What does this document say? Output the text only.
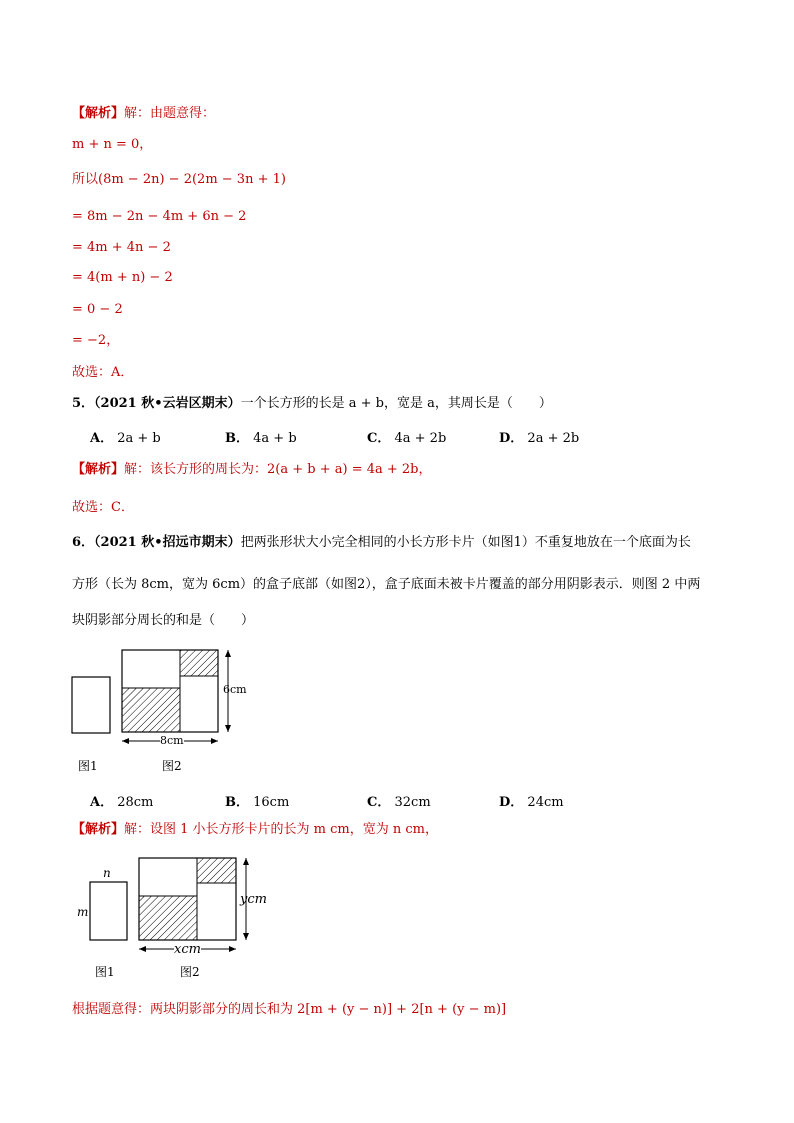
【解析】解：由题意得：
m + n = 0，
所以(8m − 2n) − 2(2m − 3n + 1)
= 8m − 2n − 4m + 6n − 2
= 4m + 4n − 2
= 4(m + n) − 2
= 0 − 2
= −2，
故选：A．
5．（2021 秋•云岩区期末）一个长方形的长是 a + b，宽是 a，其周长是（　　）
A． 2a + b	B． 4a + b	C． 4a + 2b	D． 2a + 2b
【解析】解：该长方形的周长为：2(a + b + a) = 4a + 2b，
故选：C．
6．（2021 秋•招远市期末）把两张形状大小完全相同的小长方形卡片（如图1）不重复地放在一个底面为长
方形（长为 8cm，宽为 6cm）的盒子底部（如图2），盒子底面未被卡片覆盖的部分用阴影表示．则图 2 中两
块阴影部分周长的和是（　　）
6cm
8cm
图1	图2
A． 28cm	B． 16cm	C． 32cm	D． 24cm
【解析】解：设图 1 小长方形卡片的长为 m cm，宽为 n cm，
n
m
ycm
xcm
图1	图2
根据题意得：两块阴影部分的周长和为 2[m + (y − n)] + 2[n + (y − m)]
